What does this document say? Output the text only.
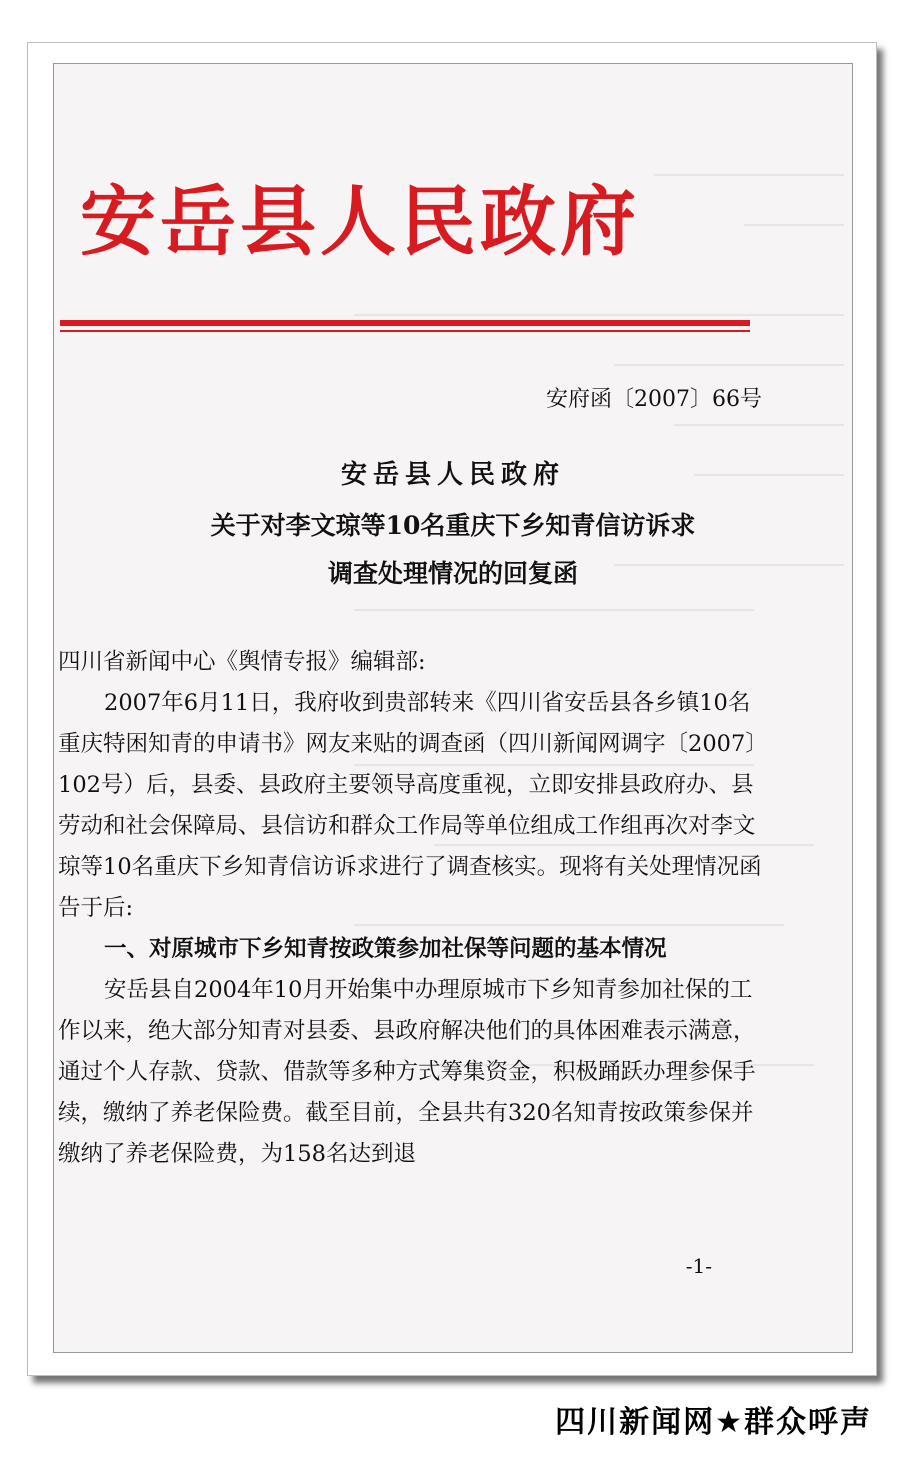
安岳县人民政府
安府函〔2007〕66号
安岳县人民政府
关于对李文琼等10名重庆下乡知青信访诉求
调查处理情况的回复函

四川省新闻中心《舆情专报》编辑部:

2007年6月11日，我府收到贵部转来《四川省安岳县各乡镇10名重庆特困知青的申请书》网友来贴的调查函（四川新闻网调字〔2007〕102号）后，县委、县政府主要领导高度重视，立即安排县政府办、县劳动和社会保障局、县信访和群众工作局等单位组成工作组再次对李文琼等10名重庆下乡知青信访诉求进行了调查核实。现将有关处理情况函告于后:

一、对原城市下乡知青按政策参加社保等问题的基本情况

安岳县自2004年10月开始集中办理原城市下乡知青参加社保的工作以来，绝大部分知青对县委、县政府解决他们的具体困难表示满意，通过个人存款、贷款、借款等多种方式筹集资金，积极踊跃办理参保手续，缴纳了养老保险费。截至目前，全县共有320名知青按政策参保并缴纳了养老保险费，为158名达到退

-1-
四川新闻网★群众呼声
